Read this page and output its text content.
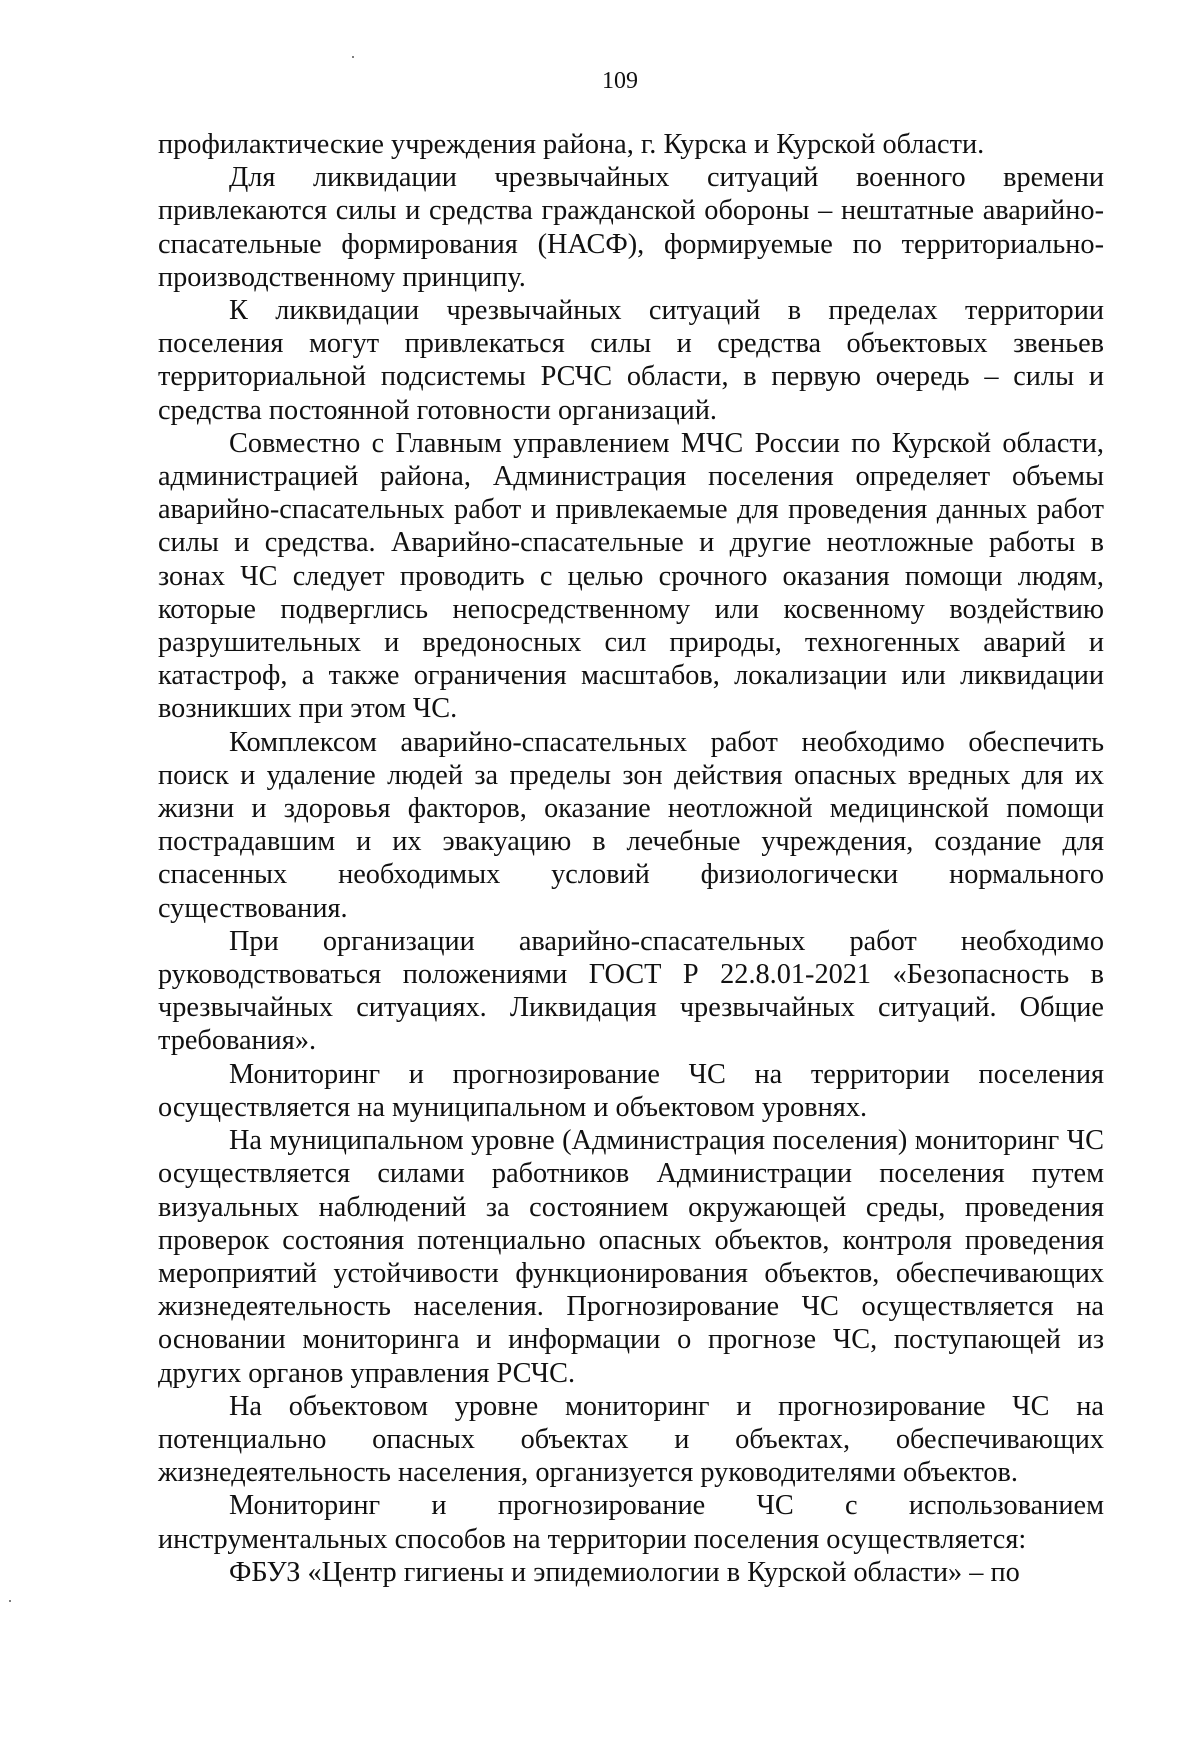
109

профилактические учреждения района, г. Курска и Курской области.

Для ликвидации чрезвычайных ситуаций военного времени привлекаются силы и средства гражданской обороны – нештатные аварийно-спасательные формирования (НАСФ), формируемые по территориально-производственному принципу.

К ликвидации чрезвычайных ситуаций в пределах территории поселения могут привлекаться силы и средства объектовых звеньев территориальной подсистемы РСЧС области, в первую очередь – силы и средства постоянной готовности организаций.

Совместно с Главным управлением МЧС России по Курской области, администрацией района, Администрация поселения определяет объемы аварийно-спасательных работ и привлекаемые для проведения данных работ силы и средства. Аварийно-спасательные и другие неотложные работы в зонах ЧС следует проводить с целью срочного оказания помощи людям, которые подверглись непосредственному или косвенному воздействию разрушительных и вредоносных сил природы, техногенных аварий и катастроф, а также ограничения масштабов, локализации или ликвидации возникших при этом ЧС.

Комплексом аварийно-спасательных работ необходимо обеспечить поиск и удаление людей за пределы зон действия опасных вредных для их жизни и здоровья факторов, оказание неотложной медицинской помощи пострадавшим и их эвакуацию в лечебные учреждения, создание для спасенных необходимых условий физиологически нормального существования.

При организации аварийно-спасательных работ необходимо руководствоваться положениями ГОСТ Р 22.8.01-2021 «Безопасность в чрезвычайных ситуациях. Ликвидация чрезвычайных ситуаций. Общие требования».

Мониторинг и прогнозирование ЧС на территории поселения осуществляется на муниципальном и объектовом уровнях.

На муниципальном уровне (Администрация поселения) мониторинг ЧС осуществляется силами работников Администрации поселения путем визуальных наблюдений за состоянием окружающей среды, проведения проверок состояния потенциально опасных объектов, контроля проведения мероприятий устойчивости функционирования объектов, обеспечивающих жизнедеятельность населения. Прогнозирование ЧС осуществляется на основании мониторинга и информации о прогнозе ЧС, поступающей из других органов управления РСЧС.

На объектовом уровне мониторинг и прогнозирование ЧС на потенциально опасных объектах и объектах, обеспечивающих жизнедеятельность населения, организуется руководителями объектов.

Мониторинг и прогнозирование ЧС с использованием инструментальных способов на территории поселения осуществляется:

ФБУЗ «Центр гигиены и эпидемиологии в Курской области» – по
